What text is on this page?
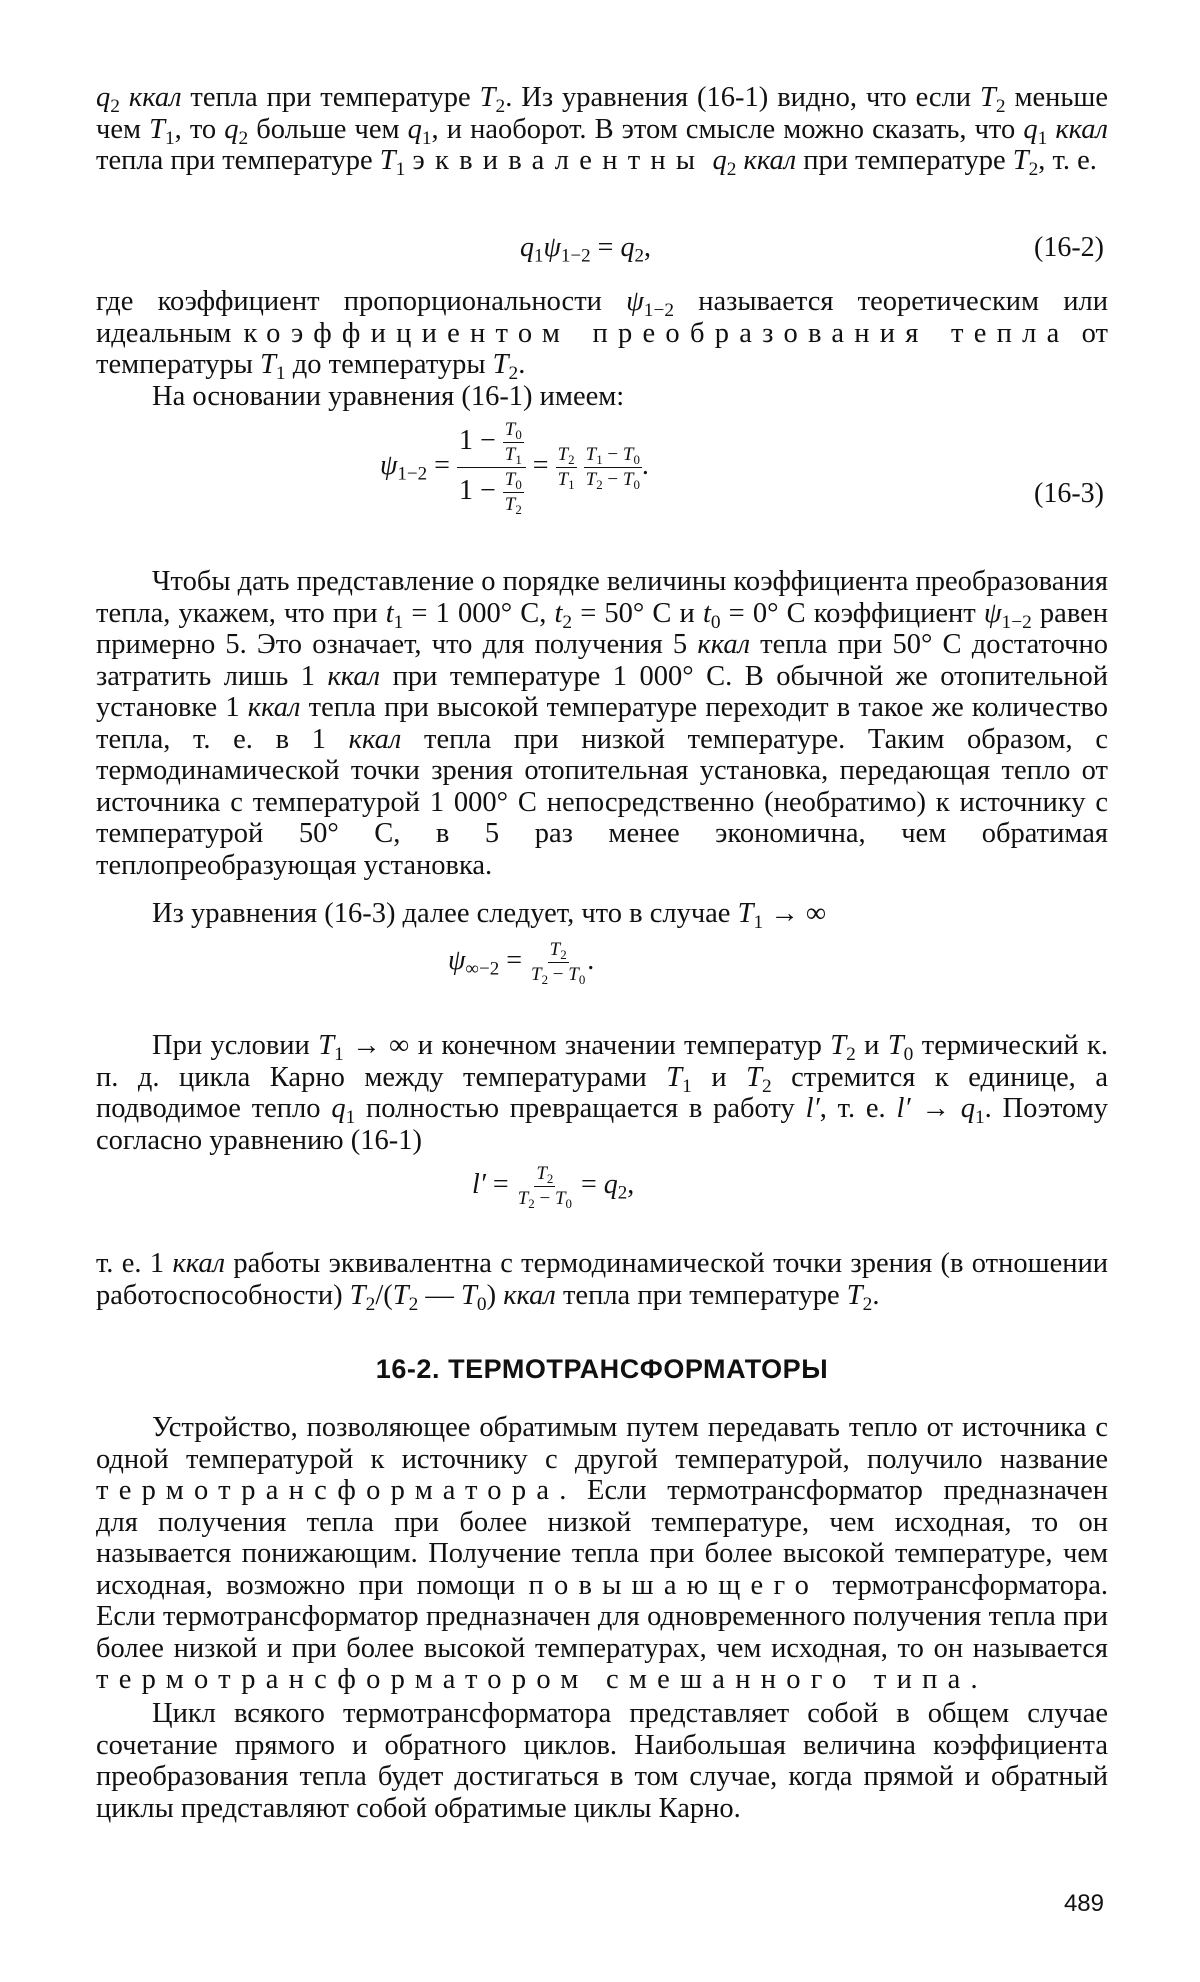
$q_2$ ккал тепла при температуре $T_2$. Из уравнения (16-1) видно, что если $T_2$ меньше чем $T_1$, то $q_2$ больше чем $q_1$, и наоборот. В этом смысле можно сказать, что $q_1$ ккал тепла при температуре $T_1$ эквивалентны $q_2$ ккал при температуре $T_2$, т. е.

$q_1\psi_{1-2} = q_2$,	(16-2)

где коэффициент пропорциональности $\psi_{1-2}$ называется теоретическим или идеальным коэффициентом преобразования тепла от температуры $T_1$ до температуры $T_2$.

На основании уравнения (16-1) имеем:

$\psi_{1-2} = \frac{1 - \frac{T_0}{T_1}}{1 - \frac{T_0}{T_2}} = \frac{T_2}{T_1}$
$\frac{T_1 - T_0}{T_2 - T_0}$ .
(16-3)

Чтобы дать представление о порядке величины коэффициента преобразования тепла, укажем, что при $t_1 = 1$ 000° С, $t_2 = 50^\circ$ С и $t_0 = 0^\circ$ С коэффициент $\psi_{1-2}$ равен примерно 5. Это означает, что для получения 5 ккал тепла при 50° С достаточно затратить лишь 1 ккал при температуре 1 000° С. В обычной же отопительной установке 1 ккал тепла при высокой температуре переходит в такое же количество тепла, т. е. в 1 ккал тепла при низкой температуре. Таким образом, с термодинамической точки зрения отопительная установка, передающая тепло от источника с температурой 1 000° С непосредственно (необратимо) к источнику с температурой 50° С, в 5 раз менее экономична, чем обратимая теплопреобразующая установка.

Из уравнения (16-3) далее следует, что в случае $T_1$ → ∞

$\psi_{\infty-2} = \frac{T_2}{T_2 - T_0}$ .

При условии $T_1$ → ∞ и конечном значении температур $T_2$ и $T_0$ термический к. п. д. цикла Карно между температурами $T_1$ и $T_2$ стремится к единице, а подводимое тепло $q_1$ полностью превращается в работу l′, т. е. $l' \to q_1$. Поэтому согласно уравнению (16-1)

$l' = \frac{T_2}{T_2 - T_0} = q_2$,

т. е. 1 ккал работы эквивалентна с термодинамической точки зрения (в отношении работоспособности) $T_2/(T_2$ — $T_0$) ккал тепла при температуре $T_2$.

16-2. ТЕРМОТРАНСФОРМАТОРЫ

Устройство, позволяющее обратимым путем передавать тепло от источника с одной температурой к источнику с другой температурой, получило название термотрансформатора. Если термотрансформатор предназначен для получения тепла при более низкой температуре, чем исходная, то он называется понижающим. Получение тепла при более высокой температуре, чем исходная, возможно при помощи повышающего термотрансформатора. Если термотрансформатор предназначен для одновременного получения тепла при более низкой и при более высокой температурах, чем исходная, то он называется термотрансформатором смешанного типа.

Цикл всякого термотрансформатора представляет собой в общем случае сочетание прямого и обратного циклов. Наибольшая величина коэффициента преобразования тепла будет достигаться в том случае, когда прямой и обратный циклы представляют собой обратимые циклы Карно.

489
